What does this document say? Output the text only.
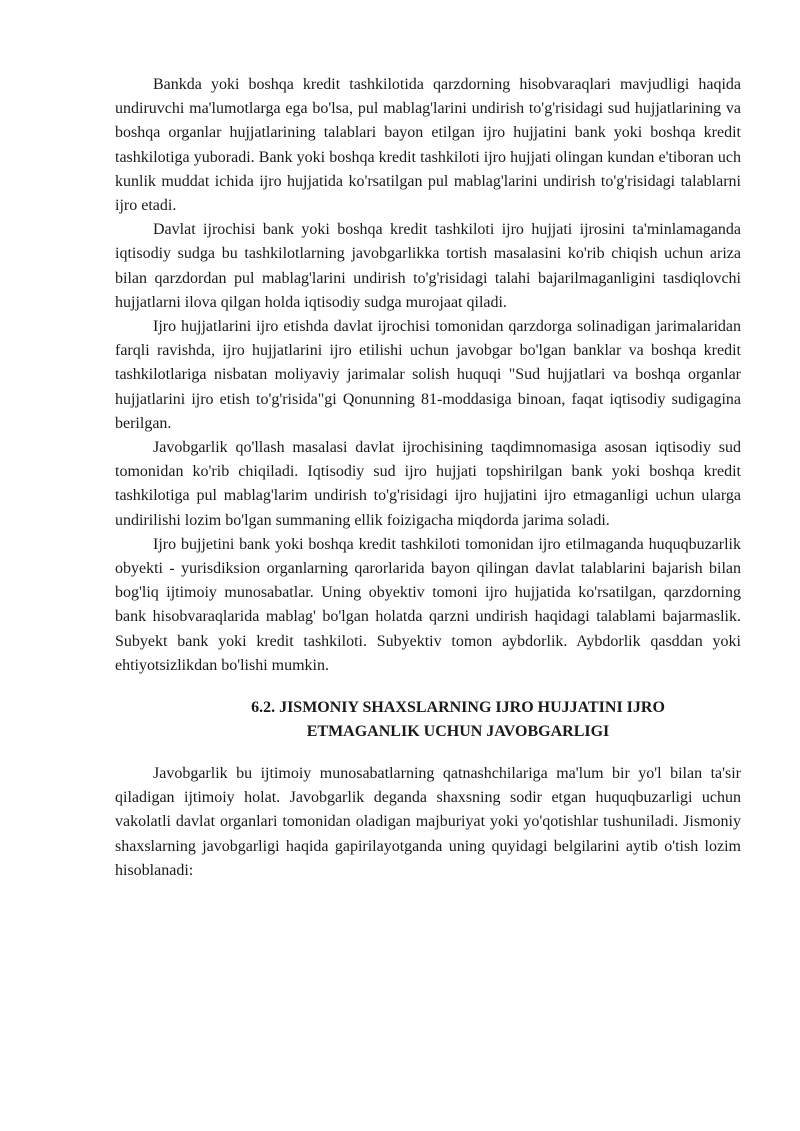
Bankda yoki boshqa kredit tashkilotida qarzdorning hisobvaraqlari mavjudligi haqida undiruvchi ma'lumotlarga ega bo'lsa, pul mablag'larini undirish to'g'risidagi sud hujjatlarining va boshqa organlar hujjatlarining talablari bayon etilgan ijro hujjatini bank yoki boshqa kredit tashkilotiga yuboradi. Bank yoki boshqa kredit tashkiloti ijro hujjati olingan kundan e'tiboran uch kunlik muddat ichida ijro hujjatida ko'rsatilgan pul mablag'larini undirish to'g'risidagi talablarni ijro etadi.

Davlat ijrochisi bank yoki boshqa kredit tashkiloti ijro hujjati ijrosini ta'minlamaganda iqtisodiy sudga bu tashkilotlarning javobgarlikka tortish masalasini ko'rib chiqish uchun ariza bilan qarzdordan pul mablag'larini undirish to'g'risidagi talahi bajarilmaganligini tasdiqlovchi hujjatlarni ilova qilgan holda iqtisodiy sudga murojaat qiladi.

Ijro hujjatlarini ijro etishda davlat ijrochisi tomonidan qarzdorga solinadigan jarimalaridan farqli ravishda, ijro hujjatlarini ijro etilishi uchun javobgar bo'lgan banklar va boshqa kredit tashkilotlariga nisbatan moliyaviy jarimalar solish huquqi "Sud hujjatlari va boshqa organlar hujjatlarini ijro etish to'g'risida"gi Qonunning 81-moddasiga binoan, faqat iqtisodiy sudigagina berilgan.

Javobgarlik qo'llash masalasi davlat ijrochisining taqdimnomasiga asosan iqtisodiy sud tomonidan ko'rib chiqiladi. Iqtisodiy sud ijro hujjati topshirilgan bank yoki boshqa kredit tashkilotiga pul mablag'larim undirish to'g'risidagi ijro hujjatini ijro etmaganligi uchun ularga undirilishi lozim bo'lgan summaning ellik foizigacha miqdorda jarima soladi.

Ijro bujjetini bank yoki boshqa kredit tashkiloti tomonidan ijro etilmaganda huquqbuzarlik obyekti - yurisdiksion organlarning qarorlarida bayon qilingan davlat talablarini bajarish bilan bog'liq ijtimoiy munosabatlar. Uning obyektiv tomoni ijro hujjatida ko'rsatilgan, qarzdorning bank hisobvaraqlarida mablag' bo'lgan holatda qarzni undirish haqidagi talablami bajarmaslik. Subyekt bank yoki kredit tashkiloti. Subyektiv tomon aybdorlik. Aybdorlik qasddan yoki ehtiyotsizlikdan bo'lishi mumkin.

6.2. JISMONIY SHAXSLARNING IJRO HUJJATINI IJRO
ETMAGANLIK UCHUN JAVOBGARLIGI

Javobgarlik bu ijtimoiy munosabatlarning qatnashchilariga ma'lum bir yo'l bilan ta'sir qiladigan ijtimoiy holat. Javobgarlik deganda shaxsning sodir etgan huquqbuzarligi uchun vakolatli davlat organlari tomonidan oladigan majburiyat yoki yo'qotishlar tushuniladi. Jismoniy shaxslarning javobgarligi haqida gapirilayotganda uning quyidagi belgilarini aytib o'tish lozim hisoblanadi:
